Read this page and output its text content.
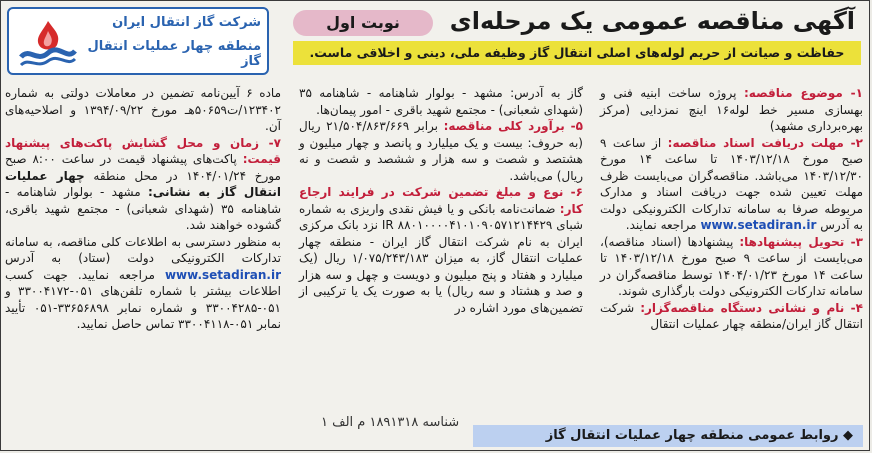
شرکت گاز انتقال ایران
منطقه چهار عملیات انتقال گاز
آگهی مناقصه عمومی یک مرحله‌ای
نوبت اول
حفاظت و صیانت از حریم لوله‌های اصلی انتقال گاز وظیفه ملی، دینی و اخلاقی ماست.
۱- موضوع مناقصه: پروژه ساخت ابنیه فنی و بهسازی مسیر خط لوله۱۶ اینچ نمزدایی (مرکز بهره‌برداری مشهد)
۲- مهلت دریافت اسناد مناقصه: از ساعت ۹ صبح مورخ ۱۴۰۳/۱۲/۱۸ تا ساعت ۱۴ مورخ ۱۴۰۳/۱۲/۳۰ می‌باشد. مناقصه‌گران می‌بایست ظرف مهلت تعیین شده جهت دریافت اسناد و مدارک مربوطه صرفا به سامانه تدارکات الکترونیکی دولت به آدرس www.setadiran.ir مراجعه نمایند.
۳- تحویل پیشنهادها: پیشنهادها (اسناد مناقصه)، می‌بایست از ساعت ۹ صبح مورخ ۱۴۰۳/۱۲/۱۸ تا ساعت ۱۴ مورخ ۱۴۰۴/۰۱/۲۳ توسط مناقصه‌گران در سامانه تدارکات الکترونیکی دولت بارگذاری شوند.
۴- نام و نشانی دستگاه مناقصه‌گزار: شرکت انتقال گاز ایران/منطقه چهار عملیات انتقال
گاز به آدرس: مشهد - بولوار شاهنامه - شاهنامه ۳۵ (شهدای شعبانی) - مجتمع شهید باقری - امور پیمان‌ها.
۵- برآورد کلی مناقصه: برابر ۲۱/۵۰۴/۸۶۳/۶۶۹ ریال (به حروف: بیست و یک میلیارد و پانصد و چهار میلیون و هشتصد و شصت و سه هزار و ششصد و شصت و نه ریال) می‌باشد.
۶- نوع و مبلغ تضمین شرکت در فرایند ارجاع کار: ضمانت‌نامه بانکی و یا فیش نقدی واریزی به شماره شبای IR ۸۸۰۱۰۰۰۰۴۱۰۱۰۹۰۵۷۱۲۱۴۴۲۹ نزد بانک مرکزی ایران به نام شرکت انتقال گاز ایران - منطقه چهار عملیات انتقال گاز، به میزان ۱/۰۷۵/۲۴۳/۱۸۳ ریال (یک میلیارد و هفتاد و پنج میلیون و دویست و چهل و سه هزار و صد و هشتاد و سه ریال) یا به صورت یک یا ترکیبی از تضمین‌های مورد اشاره در
ماده ۶ آیین‌نامه تضمین در معاملات دولتی به شماره ۱۲۳۴۰۲/ت۵۰۶۵۹هـ مورخ ۱۳۹۴/۰۹/۲۲ و اصلاحیه‌های آن.
۷- زمان و محل گشایش پاکت‌های پیشنهاد قیمت: پاکت‌های پیشنهاد قیمت در ساعت ۸:۰۰ صبح مورخ ۱۴۰۴/۰۱/۲۴ در محل منطقه چهار عملیات انتقال گاز به نشانی: مشهد - بولوار شاهنامه - شاهنامه ۳۵ (شهدای شعبانی) - مجتمع شهید باقری، گشوده خواهند شد.
به منظور دسترسی به اطلاعات کلی مناقصه، به سامانه تدارکات الکترونیکی دولت (ستاد) به آدرس www.setadiran.ir مراجعه نمایید. جهت کسب اطلاعات بیشتر با شماره تلفن‌های ۰۵۱-۳۳۰۰۴۱۷۲ و ۰۵۱-۳۳۰۰۴۲۸۵ و شماره نمابر ۳۳۶۵۶۸۹۸-۰۵۱ تأیید نمابر ۰۵۱-۳۳۰۰۴۱۱۸ تماس حاصل نمایید.
شناسه ۱۸۹۱۳۱۸ م الف ۱
◆ روابط عمومی منطقه چهار عملیات انتقال گاز
